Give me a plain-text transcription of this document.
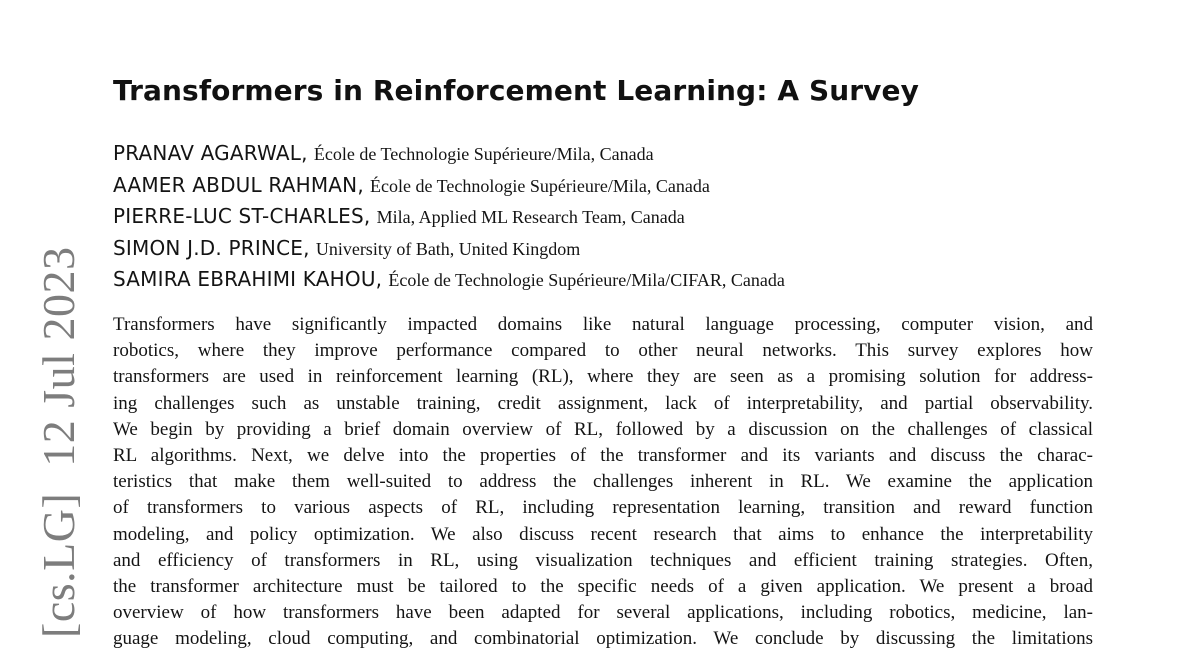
[cs.LG]12 Jul 2023
Transformers in Reinforcement Learning: A Survey
PRANAV AGARWAL, École de Technologie Supérieure/Mila, Canada
AAMER ABDUL RAHMAN, École de Technologie Supérieure/Mila, Canada
PIERRE-LUC ST-CHARLES, Mila, Applied ML Research Team, Canada
SIMON J.D. PRINCE, University of Bath, United Kingdom
SAMIRA EBRAHIMI KAHOU, École de Technologie Supérieure/Mila/CIFAR, Canada
Transformers have significantly impacted domains like natural language processing, computer vision, and
robotics, where they improve performance compared to other neural networks. This survey explores how
transformers are used in reinforcement learning (RL), where they are seen as a promising solution for address-
ing challenges such as unstable training, credit assignment, lack of interpretability, and partial observability.
We begin by providing a brief domain overview of RL, followed by a discussion on the challenges of classical
RL algorithms. Next, we delve into the properties of the transformer and its variants and discuss the charac-
teristics that make them well-suited to address the challenges inherent in RL. We examine the application
of transformers to various aspects of RL, including representation learning, transition and reward function
modeling, and policy optimization. We also discuss recent research that aims to enhance the interpretability
and efficiency of transformers in RL, using visualization techniques and efficient training strategies. Often,
the transformer architecture must be tailored to the specific needs of a given application. We present a broad
overview of how transformers have been adapted for several applications, including robotics, medicine, lan-
guage modeling, cloud computing, and combinatorial optimization. We conclude by discussing the limitations
